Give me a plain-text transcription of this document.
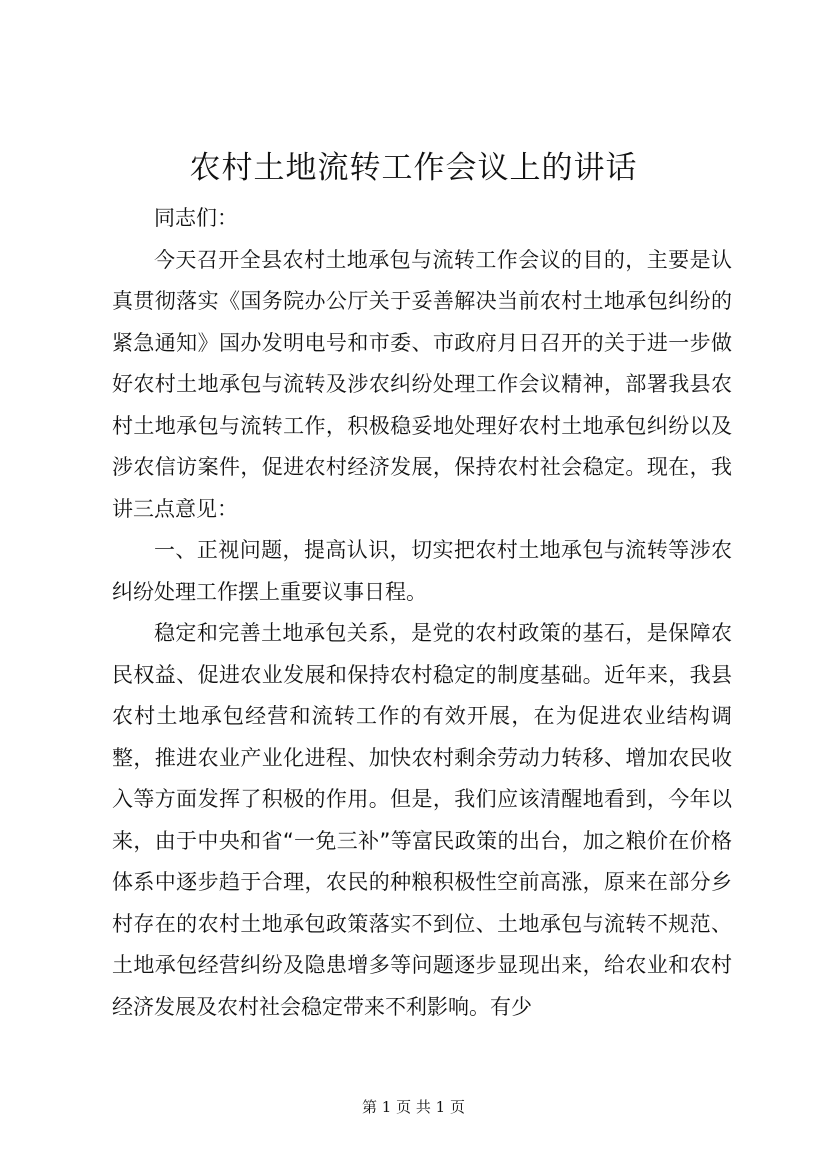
农村土地流转工作会议上的讲话

同志们：

今天召开全县农村土地承包与流转工作会议的目的，主要是认真贯彻落实《国务院办公厅关于妥善解决当前农村土地承包纠纷的紧急通知》国办发明电号和市委、市政府月日召开的关于进一步做好农村土地承包与流转及涉农纠纷处理工作会议精神，部署我县农村土地承包与流转工作，积极稳妥地处理好农村土地承包纠纷以及涉农信访案件，促进农村经济发展，保持农村社会稳定。现在，我讲三点意见：

一、正视问题，提高认识，切实把农村土地承包与流转等涉农纠纷处理工作摆上重要议事日程。

稳定和完善土地承包关系，是党的农村政策的基石，是保障农民权益、促进农业发展和保持农村稳定的制度基础。近年来，我县农村土地承包经营和流转工作的有效开展，在为促进农业结构调整，推进农业产业化进程、加快农村剩余劳动力转移、增加农民收入等方面发挥了积极的作用。但是，我们应该清醒地看到，今年以来，由于中央和省“一免三补”等富民政策的出台，加之粮价在价格体系中逐步趋于合理，农民的种粮积极性空前高涨，原来在部分乡村存在的农村土地承包政策落实不到位、土地承包与流转不规范、土地承包经营纠纷及隐患增多等问题逐步显现出来，给农业和农村经济发展及农村社会稳定带来不利影响。有少

第 1 页 共 1 页
